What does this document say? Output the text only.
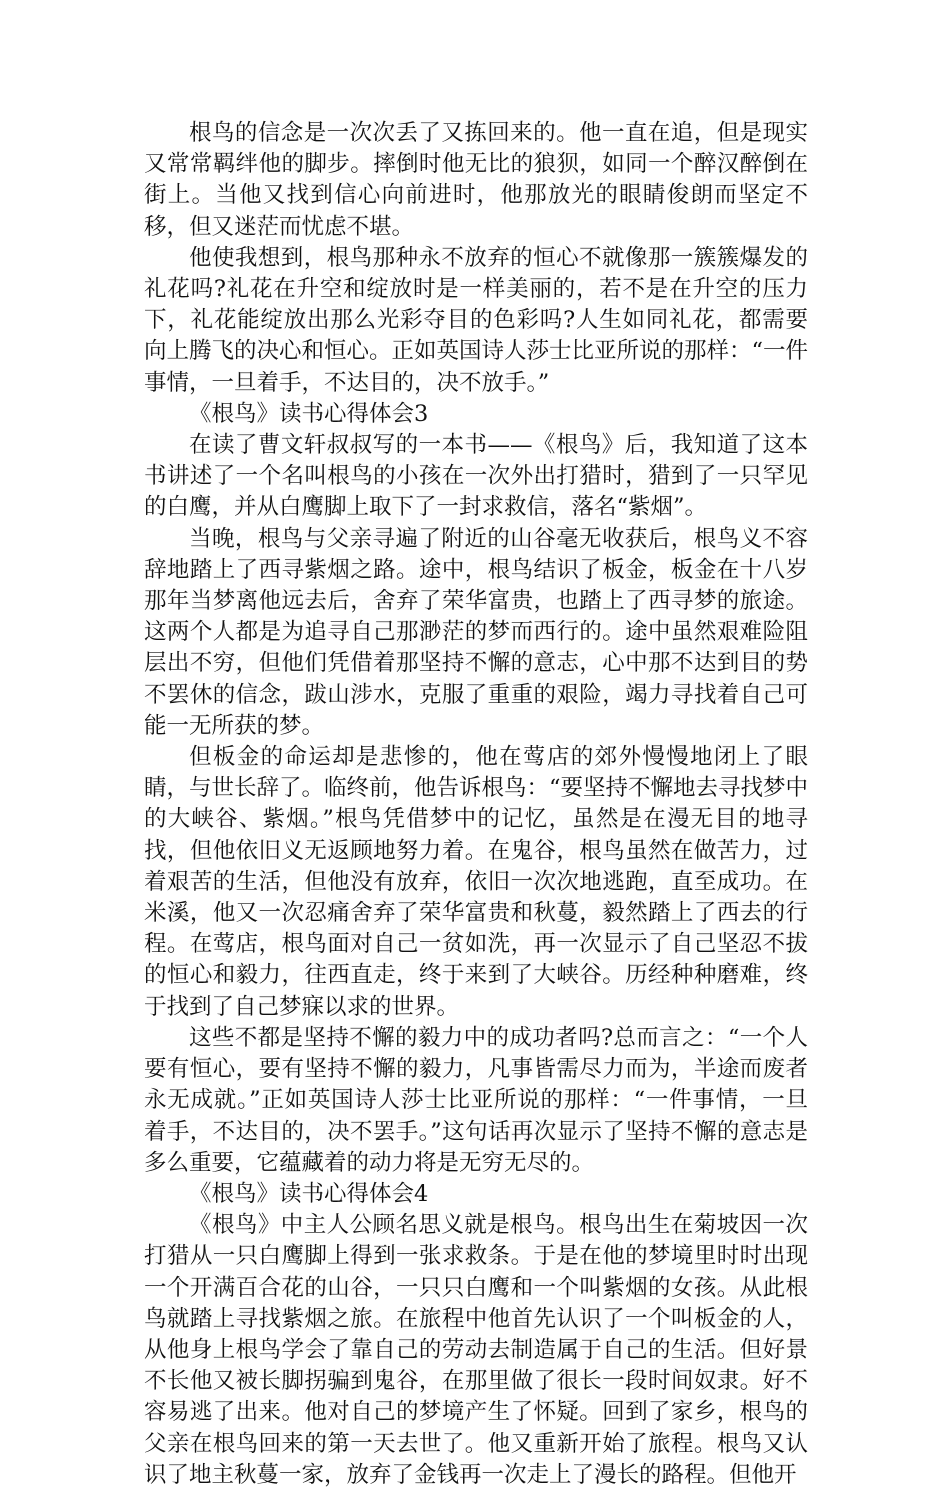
根鸟的信念是一次次丢了又拣回来的。他一直在追，但是现实又常常羁绊他的脚步。摔倒时他无比的狼狈，如同一个醉汉醉倒在街上。当他又找到信心向前进时，他那放光的眼睛俊朗而坚定不移，但又迷茫而忧虑不堪。

他使我想到，根鸟那种永不放弃的恒心不就像那一簇簇爆发的礼花吗?礼花在升空和绽放时是一样美丽的，若不是在升空的压力下，礼花能绽放出那么光彩夺目的色彩吗?人生如同礼花，都需要向上腾飞的决心和恒心。正如英国诗人莎士比亚所说的那样：“一件事情，一旦着手，不达目的，决不放手。”

《根鸟》读书心得体会3

在读了曹文轩叔叔写的一本书——《根鸟》后，我知道了这本书讲述了一个名叫根鸟的小孩在一次外出打猎时，猎到了一只罕见的白鹰，并从白鹰脚上取下了一封求救信，落名“紫烟”。

当晚，根鸟与父亲寻遍了附近的山谷毫无收获后，根鸟义不容辞地踏上了西寻紫烟之路。途中，根鸟结识了板金，板金在十八岁那年当梦离他远去后，舍弃了荣华富贵，也踏上了西寻梦的旅途。这两个人都是为追寻自己那渺茫的梦而西行的。途中虽然艰难险阻层出不穷，但他们凭借着那坚持不懈的意志，心中那不达到目的势不罢休的信念，跋山涉水，克服了重重的艰险，竭力寻找着自己可能一无所获的梦。

但板金的命运却是悲惨的，他在莺店的郊外慢慢地闭上了眼睛，与世长辞了。临终前，他告诉根鸟：“要坚持不懈地去寻找梦中的大峡谷、紫烟。”根鸟凭借梦中的记忆，虽然是在漫无目的地寻找，但他依旧义无返顾地努力着。在鬼谷，根鸟虽然在做苦力，过着艰苦的生活，但他没有放弃，依旧一次次地逃跑，直至成功。在米溪，他又一次忍痛舍弃了荣华富贵和秋蔓，毅然踏上了西去的行程。在莺店，根鸟面对自己一贫如洗，再一次显示了自己坚忍不拔的恒心和毅力，往西直走，终于来到了大峡谷。历经种种磨难，终于找到了自己梦寐以求的世界。

这些不都是坚持不懈的毅力中的成功者吗?总而言之：“一个人要有恒心，要有坚持不懈的毅力，凡事皆需尽力而为，半途而废者永无成就。”正如英国诗人莎士比亚所说的那样：“一件事情，一旦着手，不达目的，决不罢手。”这句话再次显示了坚持不懈的意志是多么重要，它蕴藏着的动力将是无穷无尽的。

《根鸟》读书心得体会4

《根鸟》中主人公顾名思义就是根鸟。根鸟出生在菊坡因一次打猎从一只白鹰脚上得到一张求救条。于是在他的梦境里时时出现一个开满百合花的山谷，一只只白鹰和一个叫紫烟的女孩。从此根鸟就踏上寻找紫烟之旅。在旅程中他首先认识了一个叫板金的人，从他身上根鸟学会了靠自己的劳动去制造属于自己的生活。但好景不长他又被长脚拐骗到鬼谷，在那里做了很长一段时间奴隶。好不容易逃了出来。他对自己的梦境产生了怀疑。回到了家乡，根鸟的父亲在根鸟回来的第一天去世了。他又重新开始了旅程。根鸟又认识了地主秋蔓一家，放弃了金钱再一次走上了漫长的路程。但他开
